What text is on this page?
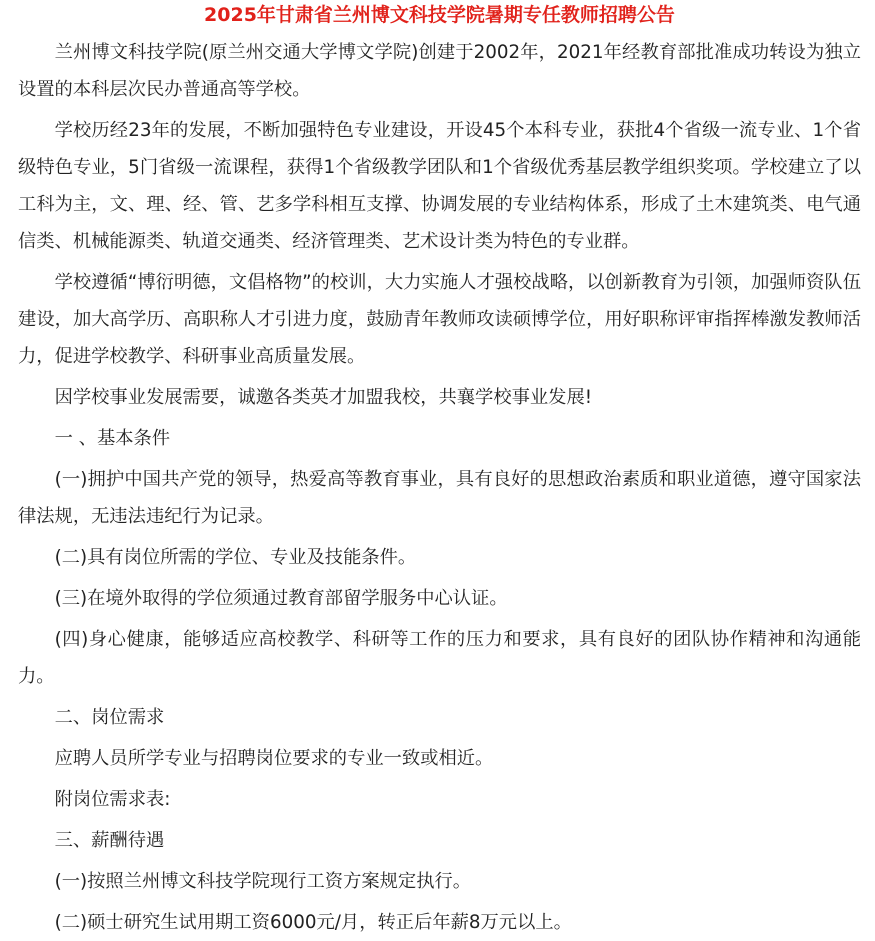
2025年甘肃省兰州博文科技学院暑期专任教师招聘公告

兰州博文科技学院(原兰州交通大学博文学院)创建于2002年，2021年经教育部批准成功转设为独立设置的本科层次民办普通高等学校。

学校历经23年的发展，不断加强特色专业建设，开设45个本科专业，获批4个省级一流专业、1个省级特色专业，5门省级一流课程，获得1个省级教学团队和1个省级优秀基层教学组织奖项。学校建立了以工科为主，文、理、经、管、艺多学科相互支撑、协调发展的专业结构体系，形成了土木建筑类、电气通信类、机械能源类、轨道交通类、经济管理类、艺术设计类为特色的专业群。

学校遵循“博衍明德，文倡格物”的校训，大力实施人才强校战略，以创新教育为引领，加强师资队伍建设，加大高学历、高职称人才引进力度，鼓励青年教师攻读硕博学位，用好职称评审指挥棒激发教师活力，促进学校教学、科研事业高质量发展。

因学校事业发展需要，诚邀各类英才加盟我校，共襄学校事业发展!

一 、基本条件

(一)拥护中国共产党的领导，热爱高等教育事业，具有良好的思想政治素质和职业道德，遵守国家法律法规，无违法违纪行为记录。

(二)具有岗位所需的学位、专业及技能条件。

(三)在境外取得的学位须通过教育部留学服务中心认证。

(四)身心健康，能够适应高校教学、科研等工作的压力和要求，具有良好的团队协作精神和沟通能力。

二、岗位需求

应聘人员所学专业与招聘岗位要求的专业一致或相近。

附岗位需求表:

三、薪酬待遇

(一)按照兰州博文科技学院现行工资方案规定执行。

(二)硕士研究生试用期工资6000元/月，转正后年薪8万元以上。
